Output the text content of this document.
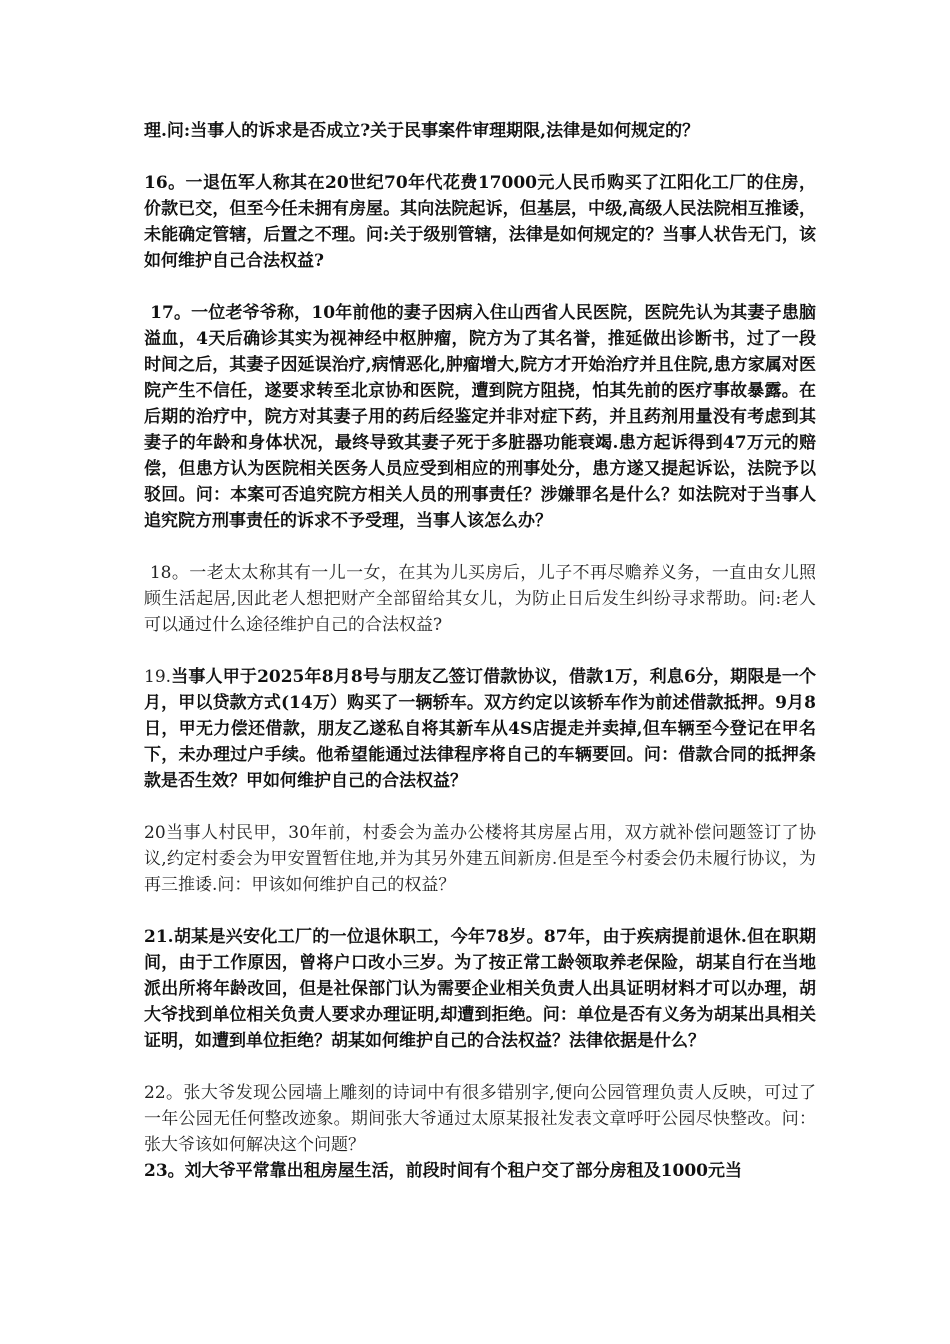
理.问:当事人的诉求是否成立?关于民事案件审理期限,法律是如何规定的？

16。一退伍军人称其在20世纪70年代花费17000元人民币购买了江阳化工厂的住房，价款已交，但至今任未拥有房屋。其向法院起诉，但基层，中级,高级人民法院相互推诿，未能确定管辖，后置之不理。问:关于级别管辖，法律是如何规定的？当事人状告无门，该如何维护自己合法权益?

17。一位老爷爷称，10年前他的妻子因病入住山西省人民医院，医院先认为其妻子患脑溢血，4天后确诊其实为视神经中枢肿瘤，院方为了其名誉，推延做出诊断书，过了一段时间之后，其妻子因延误治疗,病情恶化,肿瘤增大,院方才开始治疗并且住院,患方家属对医院产生不信任，遂要求转至北京协和医院，遭到院方阻挠，怕其先前的医疗事故暴露。在后期的治疗中，院方对其妻子用的药后经鉴定并非对症下药，并且药剂用量没有考虑到其妻子的年龄和身体状况，最终导致其妻子死于多脏器功能衰竭.患方起诉得到47万元的赔偿，但患方认为医院相关医务人员应受到相应的刑事处分，患方遂又提起诉讼，法院予以驳回。问：本案可否追究院方相关人员的刑事责任？涉嫌罪名是什么？如法院对于当事人追究院方刑事责任的诉求不予受理，当事人该怎么办？

18。一老太太称其有一儿一女，在其为儿买房后，儿子不再尽赡养义务，一直由女儿照顾生活起居,因此老人想把财产全部留给其女儿，为防止日后发生纠纷寻求帮助。问:老人可以通过什么途径维护自己的合法权益?

19.当事人甲于2025年8月8号与朋友乙签订借款协议，借款1万，利息6分，期限是一个月，甲以贷款方式(14万）购买了一辆轿车。双方约定以该轿车作为前述借款抵押。9月8日，甲无力偿还借款，朋友乙遂私自将其新车从4S店提走并卖掉,但车辆至今登记在甲名下，未办理过户手续。他希望能通过法律程序将自己的车辆要回。问：借款合同的抵押条款是否生效？甲如何维护自己的合法权益？

20当事人村民甲，30年前，村委会为盖办公楼将其房屋占用，双方就补偿问题签订了协议,约定村委会为甲安置暂住地,并为其另外建五间新房.但是至今村委会仍未履行协议，为再三推诿.问：甲该如何维护自己的权益？

21.胡某是兴安化工厂的一位退休职工，今年78岁。87年，由于疾病提前退休.但在职期间，由于工作原因，曾将户口改小三岁。为了按正常工龄领取养老保险，胡某自行在当地派出所将年龄改回，但是社保部门认为需要企业相关负责人出具证明材料才可以办理，胡大爷找到单位相关负责人要求办理证明,却遭到拒绝。问：单位是否有义务为胡某出具相关证明，如遭到单位拒绝？胡某如何维护自己的合法权益？法律依据是什么？

22。张大爷发现公园墙上雕刻的诗词中有很多错别字,便向公园管理负责人反映，可过了一年公园无任何整改迹象。期间张大爷通过太原某报社发表文章呼吁公园尽快整改。问：张大爷该如何解决这个问题？

23。刘大爷平常靠出租房屋生活，前段时间有个租户交了部分房租及1000元当
